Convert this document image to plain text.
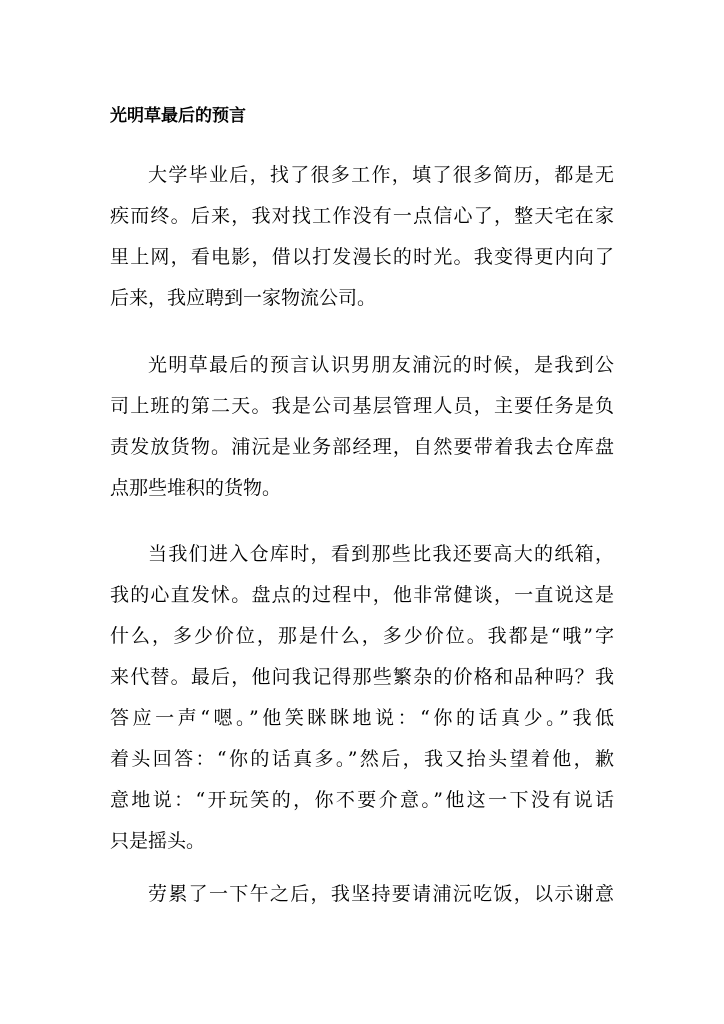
光明草最后的预言

大学毕业后，找了很多工作，填了很多简历，都是无
疾而终。后来，我对找工作没有一点信心了，整天宅在家
里上网，看电影，借以打发漫长的时光。我变得更内向了
后来，我应聘到一家物流公司。

光明草最后的预言认识男朋友浦沅的时候，是我到公
司上班的第二天。我是公司基层管理人员，主要任务是负
责发放货物。浦沅是业务部经理，自然要带着我去仓库盘
点那些堆积的货物。

当我们进入仓库时，看到那些比我还要高大的纸箱，
我的心直发怵。盘点的过程中，他非常健谈，一直说这是
什么，多少价位，那是什么，多少价位。我都是“哦”字
来代替。最后，他问我记得那些繁杂的价格和品种吗？我
答应一声“嗯。”他笑眯眯地说：“你的话真少。”我低
着头回答：“你的话真多。”然后，我又抬头望着他，歉
意地说：“开玩笑的，你不要介意。”他这一下没有说话
只是摇头。

劳累了一下午之后，我坚持要请浦沅吃饭，以示谢意
